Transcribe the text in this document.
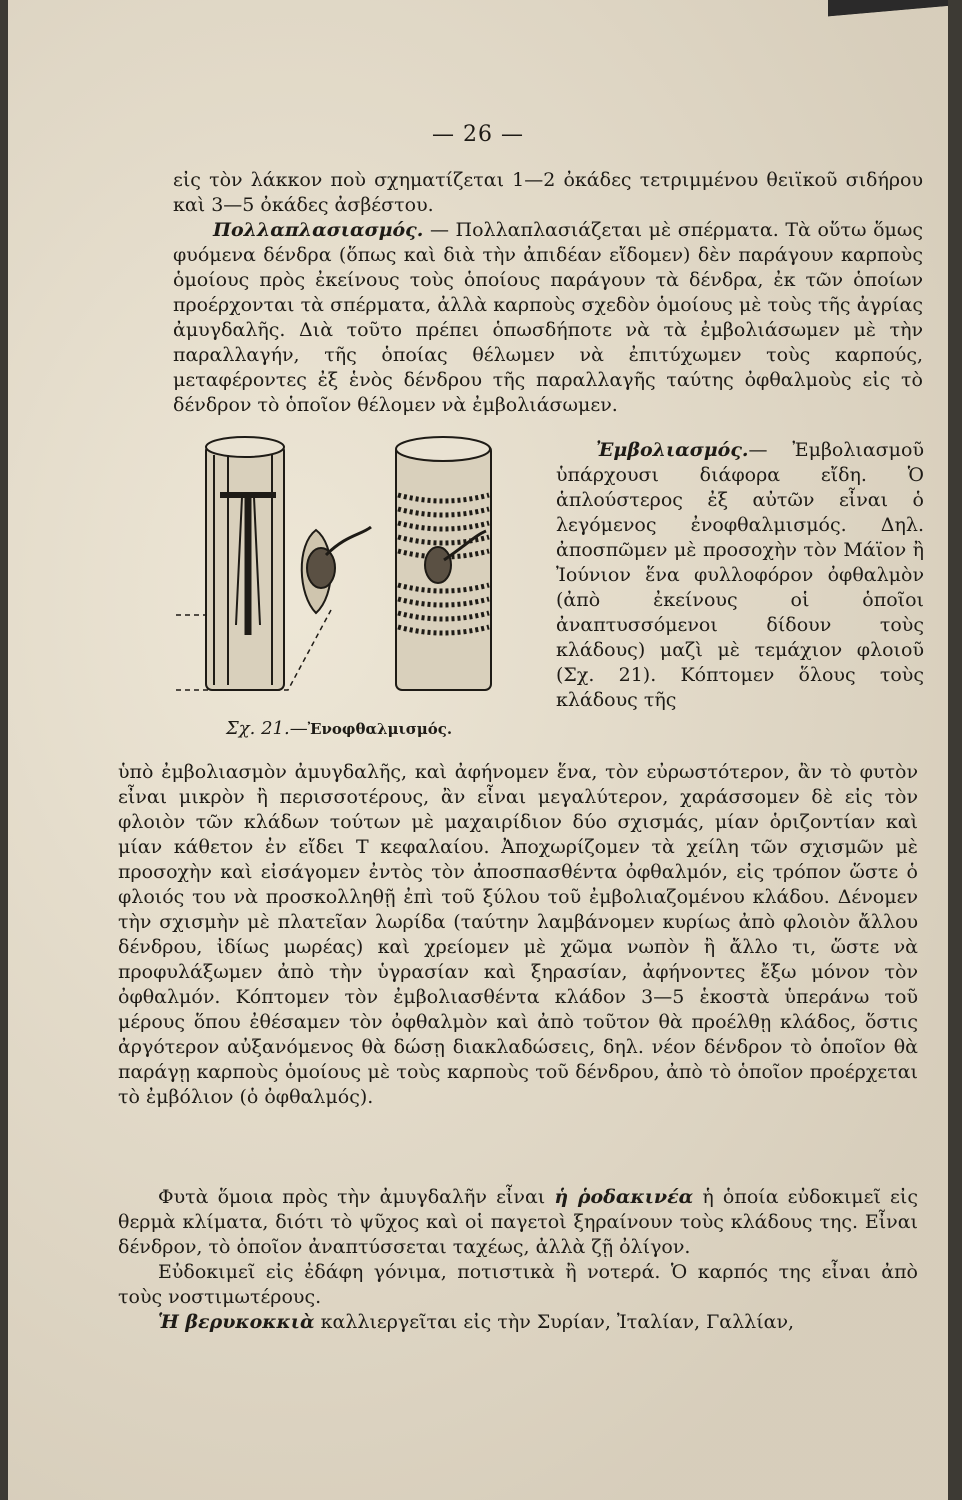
— 26 —

εἰς τὸν λάκκον ποὺ σχηματίζεται 1—2 ὀκάδες τετριμμένου θειϊκοῦ σιδήρου καὶ 3—5 ὀκάδες ἀσβέστου.

Πολλαπλασιασμός. — Πολλαπλασιάζεται μὲ σπέρματα. Τὰ οὕτω ὅμως φυόμενα δένδρα (ὅπως καὶ διὰ τὴν ἀπιδέαν εἴδομεν) δὲν παράγουν καρποὺς ὁμοίους πρὸς ἐκείνους τοὺς ὁποίους παράγουν τὰ δένδρα, ἐκ τῶν ὁποίων προέρχονται τὰ σπέρματα, ἀλλὰ καρποὺς σχεδὸν ὁμοίους μὲ τοὺς τῆς ἀγρίας ἀμυγδαλῆς. Διὰ τοῦτο πρέπει ὁπωσδήποτε νὰ τὰ ἐμβολιάσωμεν μὲ τὴν παραλλαγήν, τῆς ὁποίας θέλωμεν νὰ ἐπιτύχωμεν τοὺς καρπούς, μεταφέροντες ἐξ ἑνὸς δένδρου τῆς παραλλαγῆς ταύτης ὀφθαλμοὺς εἰς τὸ δένδρον τὸ ὁποῖον θέλομεν νὰ ἐμβολιάσωμεν.

Σχ. 21.—Ἐνοφθαλμισμός.

Ἐμβολιασμός.— Ἐμβολιασμοῦ ὑπάρχουσι διάφορα εἴδη. Ὁ ἁπλούστερος ἐξ αὐτῶν εἶναι ὁ λεγόμενος ἐνοφθαλμισμός. Δηλ. ἀποσπῶμεν μὲ προσοχὴν τὸν Μάϊον ἢ Ἰούνιον ἕνα φυλλοφόρον ὀφθαλμὸν (ἀπὸ ἐκείνους οἱ ὁποῖοι ἀναπτυσσόμενοι δίδουν τοὺς κλάδους) μαζὶ μὲ τεμάχιον φλοιοῦ (Σχ. 21). Κόπτομεν ὅλους τοὺς κλάδους τῆς

ὑπὸ ἐμβολιασμὸν ἀμυγδαλῆς, καὶ ἀφήνομεν ἕνα, τὸν εὐρωστότερον, ἂν τὸ φυτὸν εἶναι μικρὸν ἢ περισσοτέρους, ἂν εἶναι μεγαλύτερον, χαράσσομεν δὲ εἰς τὸν φλοιὸν τῶν κλάδων τούτων μὲ μαχαιρίδιον δύο σχισμάς, μίαν ὁριζοντίαν καὶ μίαν κάθετον ἐν εἴδει Τ κεφαλαίου. Ἀποχωρίζομεν τὰ χείλη τῶν σχισμῶν μὲ προσοχὴν καὶ εἰσάγομεν ἐντὸς τὸν ἀποσπασθέντα ὀφθαλμόν, εἰς τρόπον ὥστε ὁ φλοιός του νὰ προσκολληθῇ ἐπὶ τοῦ ξύλου τοῦ ἐμβολιαζομένου κλάδου. Δένομεν τὴν σχισμὴν μὲ πλατεῖαν λωρίδα (ταύτην λαμβάνομεν κυρίως ἀπὸ φλοιὸν ἄλλου δένδρου, ἰδίως μωρέας) καὶ χρείομεν μὲ χῶμα νωπὸν ἢ ἄλλο τι, ὥστε νὰ προφυλάξωμεν ἀπὸ τὴν ὑγρασίαν καὶ ξηρασίαν, ἀφήνοντες ἔξω μόνον τὸν ὀφθαλμόν. Κόπτομεν τὸν ἐμβολιασθέντα κλάδον 3—5 ἑκοστὰ ὑπεράνω τοῦ μέρους ὅπου ἐθέσαμεν τὸν ὀφθαλμὸν καὶ ἀπὸ τοῦτον θὰ προέλθῃ κλάδος, ὅστις ἀργότερον αὐξανόμενος θὰ δώσῃ διακλαδώσεις, δηλ. νέον δένδρον τὸ ὁποῖον θὰ παράγῃ καρποὺς ὁμοίους μὲ τοὺς καρποὺς τοῦ δένδρου, ἀπὸ τὸ ὁποῖον προέρχεται τὸ ἐμβόλιον (ὁ ὀφθαλμός).

Φυτὰ ὅμοια πρὸς τὴν ἀμυγδαλῆν εἶναι ἡ ῥοδακινέα ἡ ὁποία εὐδοκιμεῖ εἰς θερμὰ κλίματα, διότι τὸ ψῦχος καὶ οἱ παγετοὶ ξηραίνουν τοὺς κλάδους της. Εἶναι δένδρον, τὸ ὁποῖον ἀναπτύσσεται ταχέως, ἀλλὰ ζῇ ὀλίγον.

Εὐδοκιμεῖ εἰς ἐδάφη γόνιμα, ποτιστικὰ ἢ νοτερά. Ὁ καρπός της εἶναι ἀπὸ τοὺς νοστιμωτέρους.

Ἡ βερυκοκκιὰ καλλιεργεῖται εἰς τὴν Συρίαν, Ἰταλίαν, Γαλλίαν,
